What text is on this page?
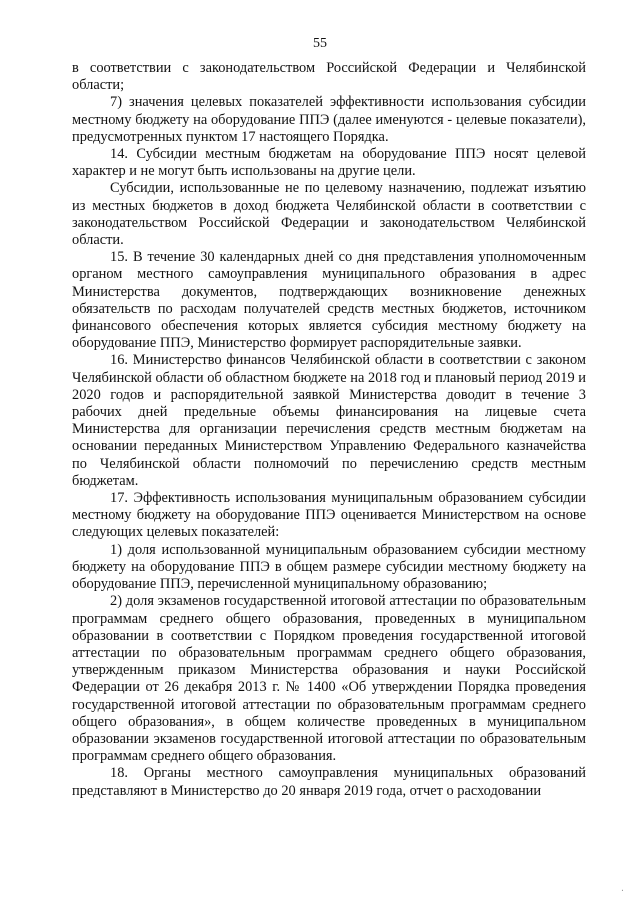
55

в соответствии с законодательством Российской Федерации и Челябинской области;

7) значения целевых показателей эффективности использования субсидии местному бюджету на оборудование ППЭ (далее именуются - целевые показатели), предусмотренных пунктом 17 настоящего Порядка.

14. Субсидии местным бюджетам на оборудование ППЭ носят целевой характер и не могут быть использованы на другие цели.

Субсидии, использованные не по целевому назначению, подлежат изъятию из местных бюджетов в доход бюджета Челябинской области в соответствии с законодательством Российской Федерации и законодательством Челябинской области.

15. В течение 30 календарных дней со дня представления уполномоченным органом местного самоуправления муниципального образования в адрес Министерства документов, подтверждающих возникновение денежных обязательств по расходам получателей средств местных бюджетов, источником финансового обеспечения которых является субсидия местному бюджету на оборудование ППЭ, Министерство формирует распорядительные заявки.

16. Министерство финансов Челябинской области в соответствии с законом Челябинской области об областном бюджете на 2018 год и плановый период 2019 и 2020 годов и распорядительной заявкой Министерства доводит в течение 3 рабочих дней предельные объемы финансирования на лицевые счета Министерства для организации перечисления средств местным бюджетам на основании переданных Министерством Управлению Федерального казначейства по Челябинской области полномочий по перечислению средств местным бюджетам.

17. Эффективность использования муниципальным образованием субсидии местному бюджету на оборудование ППЭ оценивается Министерством на основе следующих целевых показателей:

1) доля использованной муниципальным образованием субсидии местному бюджету на оборудование ППЭ в общем размере субсидии местному бюджету на оборудование ППЭ, перечисленной муниципальному образованию;

2) доля экзаменов государственной итоговой аттестации по образовательным программам среднего общего образования, проведенных в муниципальном образовании в соответствии с Порядком проведения государственной итоговой аттестации по образовательным программам среднего общего образования, утвержденным приказом Министерства образования и науки Российской Федерации от 26 декабря 2013 г. № 1400 «Об утверждении Порядка проведения государственной итоговой аттестации по образовательным программам среднего общего образования», в общем количестве проведенных в муниципальном образовании экзаменов государственной итоговой аттестации по образовательным программам среднего общего образования.

18. Органы местного самоуправления муниципальных образований представляют в Министерство до 20 января 2019 года, отчет о расходовании

·
